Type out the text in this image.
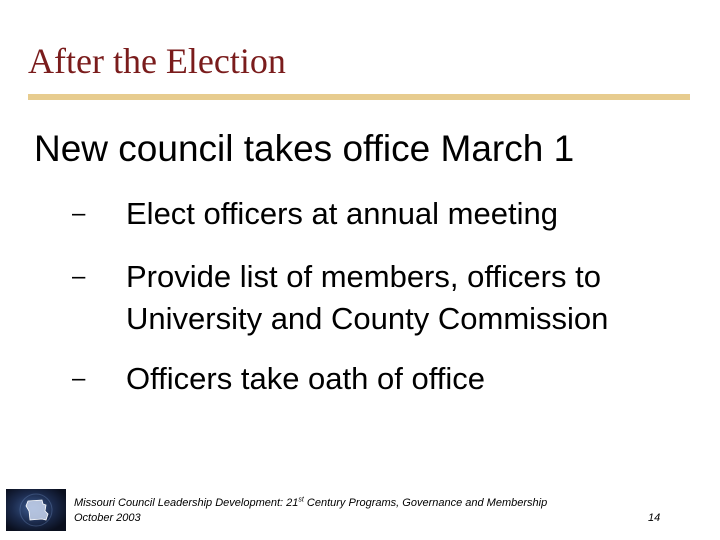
After the Election
New council takes office March 1
– Elect officers at annual meeting
– Provide list of members, officers to University and County Commission
– Officers take oath of office
Missouri Council Leadership Development: 21st Century Programs, Governance and Membership
October 2003	14
